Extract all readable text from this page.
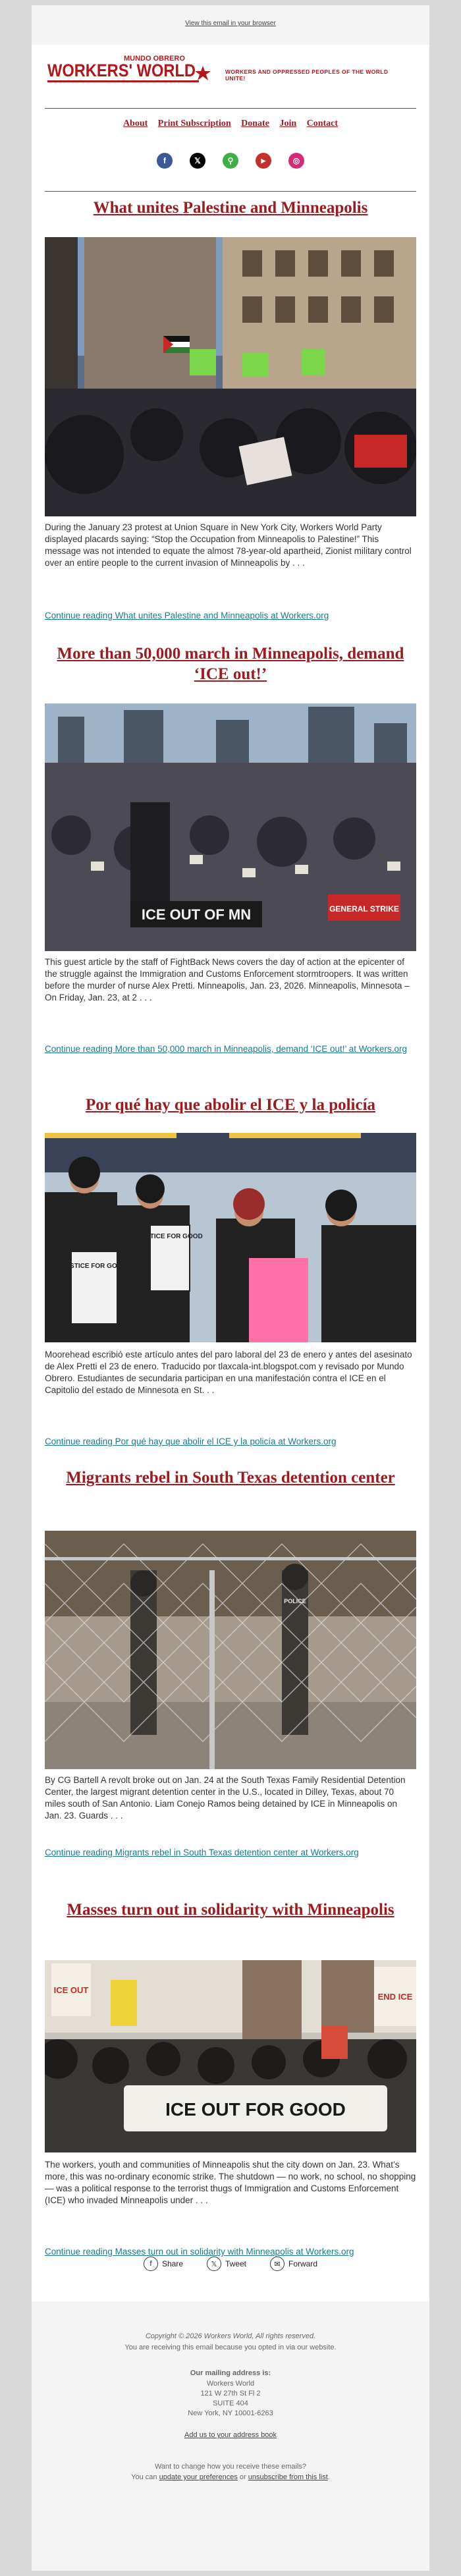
View this email in your browser
MUNDO OBRERO
WORKERS' WORLD	WORKERS AND OPPRESSED PEOPLES OF THE WORLD UNITE!
About Print Subscription Donate Join Contact
f	𝕏	⚲	▶	◎
What unites Palestine and Minneapolis
During the January 23 protest at Union Square in New York City, Workers World Party displayed placards saying: “Stop the Occupation from Minneapolis to Palestine!” This message was not intended to equate the almost 78-year-old apartheid, Zionist military control over an entire people to the current invasion of Minneapolis by . . .
Continue reading What unites Palestine and Minneapolis at Workers.org
More than 50,000 march in Minneapolis, demand ‘ICE out!’
ICE OUT OF MN	GENERAL STRIKE
This guest article by the staff of FightBack News covers the day of action at the epicenter of the struggle against the Immigration and Customs Enforcement stormtroopers. It was written before the murder of nurse Alex Pretti. Minneapolis, Jan. 23, 2026. Minneapolis, Minnesota – On Friday, Jan. 23, at 2 . . .
Continue reading More than 50,000 march in Minneapolis, demand ‘ICE out!’ at Workers.org
Por qué hay que abolir el ICE y la policía
JUSTICE FOR GOOD
JUSTICE FOR GOOD
Moorehead escribió este artículo antes del paro laboral del 23 de enero y antes del asesinato de Alex Pretti el 23 de enero. Traducido por tlaxcala-int.blogspot.com y revisado por Mundo Obrero. Estudiantes de secundaria participan en una manifestación contra el ICE en el Capitolio del estado de Minnesota en St. . .
Continue reading Por qué hay que abolir el ICE y la policía at Workers.org
Migrants rebel in South Texas detention center
POLICE
By CG Bartell A revolt broke out on Jan. 24 at the South Texas Family Residential Detention Center, the largest migrant detention center in the U.S., located in Dilley, Texas, about 70 miles south of San Antonio. Liam Conejo Ramos being detained by ICE in Minneapolis on Jan. 23. Guards . . .
Continue reading Migrants rebel in South Texas detention center at Workers.org
Masses turn out in solidarity with Minneapolis
ICE OUT FOR GOOD
ICE OUT
END ICE
The workers, youth and communities of Minneapolis shut the city down on Jan. 23. What’s more, this was no-ordinary economic strike. The shutdown — no work, no school, no shopping — was a political response to the terrorist thugs of Immigration and Customs Enforcement (ICE) who invaded Minneapolis under . . .
Continue reading Masses turn out in solidarity with Minneapolis at Workers.org
f	Share	𝕏	Tweet	✉	Forward
Copyright © 2026 Workers World, All rights reserved.
You are receiving this email because you opted in via our website.
Our mailing address is:
Workers World
121 W 27th St Fl 2
SUITE 404
New York, NY 10001-6263
Add us to your address book
Want to change how you receive these emails?
You can update your preferences or unsubscribe from this list.
